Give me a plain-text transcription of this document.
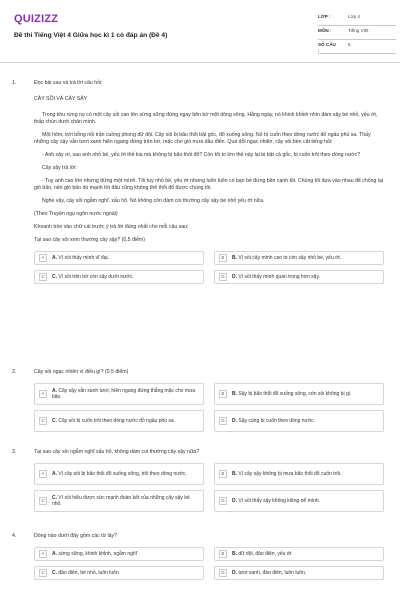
QUIZIZZ
Đề thi Tiếng Việt 4 Giữa học kì 1 có đáp án (Đề 4)
LỚP :	Lớp 4
MÔN :	Tiếng Việt
SỐ CÂU :
5
1.	Đọc bài sau và trả lời câu hỏi:
CÂY SỒI VÀ CÂY SẬY
Trong khu rừng nọ có một cây sồi cao lớn sừng sững đứng ngay bên bờ một dòng sông. Hằng ngày, nó khinh khỉnh nhìn đám sậy bé nhỏ, yếu ớt, thấp chùn dưới chân mình.
Một hôm, trời bỗng nổi trận cuồng phong dữ dội. Cây sồi bị bão thổi bật gốc, đổ xuống sông. Nó bị cuốn theo dòng nước đỏ ngầu phù sa. Thấy những cây sậy vẫn tươi xanh hiên ngang đứng trên bờ, mặc cho gió mưa dẫu điên. Quá đỗi ngạc nhiên, cây sồi bèn cất tiếng hỏi:
- Anh sậy ơi, sao anh nhỏ bé, yếu ớt thế kia mà không bị bão thổi đổ? Còn tôi to lớn thế này lại bị bật cả gốc, bị cuốn trôi theo dòng nước?
Cây sậy trả lời:
- Tuy anh cao lớn nhưng đứng một mình. Tôi tuy nhỏ bé, yếu ớt nhưng luôn luôn có bạn bè đứng bên cạnh tôi. Chúng tôi dựa vào nhau để chống lại gió bão, nên gió bão dù mạnh tới đâu cũng không thể thổi đổ được chúng tôi.
Nghe vậy, cây sồi ngẫm nghĩ, xấu hổ. Nó không còn dám coi thường cây sậy bé nhỏ yếu ớt nữa.
(Theo Truyện ngụ ngôn nước ngoài)
Khoanh tròn vào chữ cái trước ý trả lời đúng nhất cho mỗi câu sau:
Tại sao cây sồi xem thường cây sậy? (0,5 điểm)
A	A. Vì sồi thấy mình vĩ đại.	B	B. Vì sồi cậy mình cao to còn sậy nhỏ bé, yếu ớt.
C	C. Vì sồi trên bờ còn sậy dưới nước.	D	D. Vì sồi thấy mình quan trọng hơn sậy.
2.	Cây sồi ngạc nhiên vì điều gì? (0.5 điểm)
A
A. Cây sậy vẫn xanh tươi, hiên ngang đứng thẳng mặc cho mưa bão.
B	B. Sậy bị bão thổi đổ xuống sông, còn sồi không bị gì.
C	C. Cây sồi bị cuốn trôi theo dòng nước đỏ ngầu phù sa.	D	D. Sậy cùng bị cuốn theo dòng nước.
3.	Tại sao cây sồi ngẫm nghĩ xấu hổ, không dám coi thường cây sậy nữa?
A	A. Vì cây sồi bị bão thổi đổ xuống sông, trôi theo dòng nước.	B	B. Vì cây sậy không bị mưa bão thổi đổ cuốn trôi.
C
C. Vì sồi hiểu được sức mạnh đoàn kết của những cây sậy bé nhỏ.
D	D. Vì sồi thấy sậy không kiêng nể mình.
4.	Dòng nào dưới đây gồm các từ láy?
A	A. sừng sững, khinh khỉnh, ngẫm nghĩ	B	B. dữ dội, đảo điên, yếu ớt
C	C. đảo điên, bé nhỏ, luôn luôn	D	D. tươi xanh, đảo điên, luôn luôn.
